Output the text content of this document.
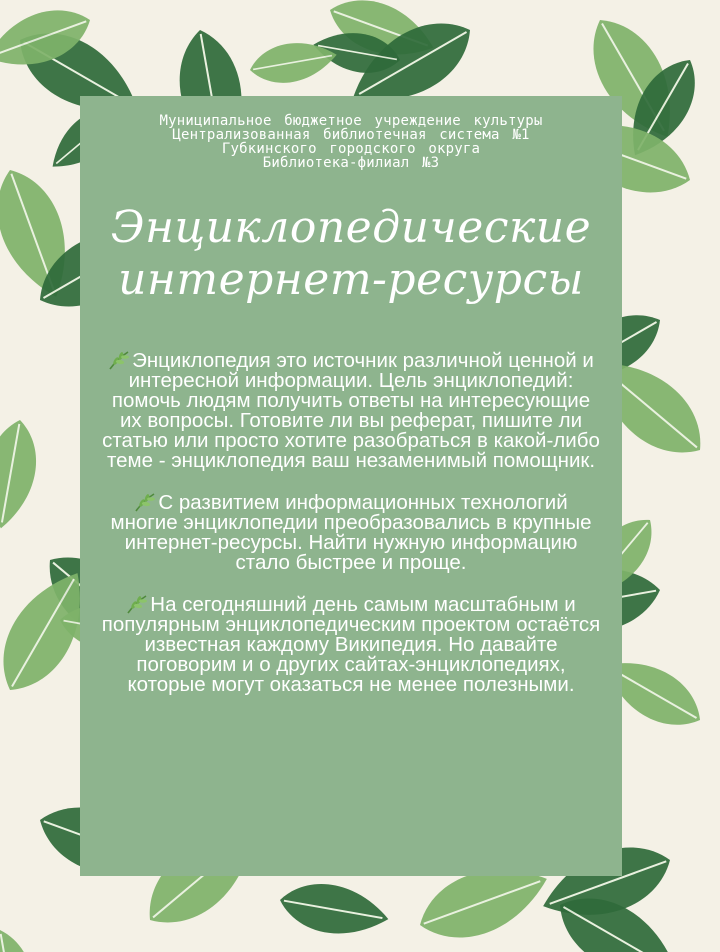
Муниципальное бюджетное учреждение культуры
Централизованная библиотечная система №1
Губкинского городского округа
Библиотека-филиал №3
Энциклопедические
интернет-ресурсы

Энциклопедия это источник различной ценной и интересной информации. Цель энциклопедий: помочь людям получить ответы на интересующие их вопросы. Готовите ли вы реферат, пишите ли статью или просто хотите разобраться в какой-либо теме - энциклопедия ваш незаменимый помощник.

С развитием информационных технологий многие энциклопедии преобразовались в крупные интернет-ресурсы. Найти нужную информацию стало быстрее и проще.

На сегодняшний день самым масштабным и популярным энциклопедическим проектом остаётся известная каждому Википедия. Но давайте поговорим и о других сайтах-энциклопедиях, которые могут оказаться не менее полезными.
